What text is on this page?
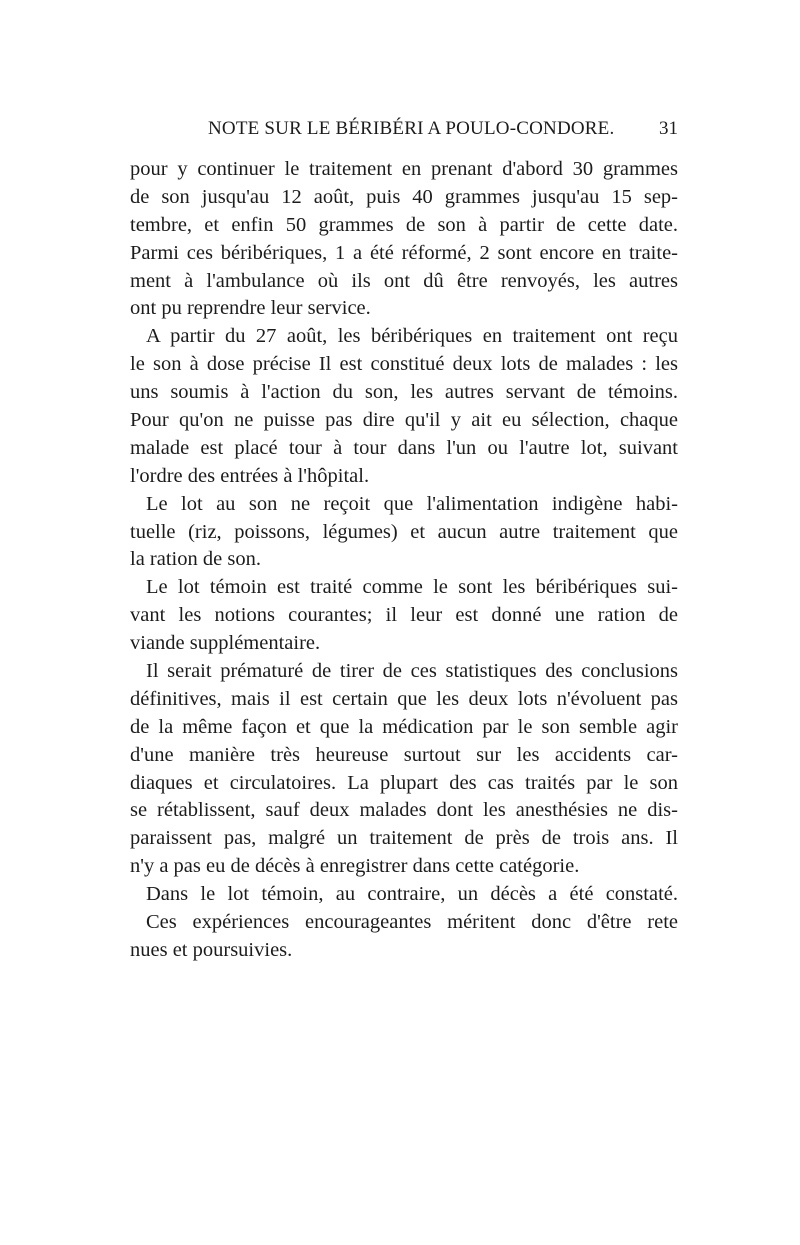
NOTE SUR LE BÉRIBÉRI A POULO-CONDORE. 31
pour y continuer le traitement en prenant d'abord 30 grammes
de son jusqu'au 12 août, puis 40 grammes jusqu'au 15 sep-
tembre, et enfin 50 grammes de son à partir de cette date.
Parmi ces béribériques, 1 a été réformé, 2 sont encore en traite-
ment à l'ambulance où ils ont dû être renvoyés, les autres
ont pu reprendre leur service.
A partir du 27 août, les béribériques en traitement ont reçu
le son à dose précise Il est constitué deux lots de malades : les
uns soumis à l'action du son, les autres servant de témoins.
Pour qu'on ne puisse pas dire qu'il y ait eu sélection, chaque
malade est placé tour à tour dans l'un ou l'autre lot, suivant
l'ordre des entrées à l'hôpital.
Le lot au son ne reçoit que l'alimentation indigène habi-
tuelle (riz, poissons, légumes) et aucun autre traitement que
la ration de son.
Le lot témoin est traité comme le sont les béribériques sui-
vant les notions courantes; il leur est donné une ration de
viande supplémentaire.
Il serait prématuré de tirer de ces statistiques des conclusions
définitives, mais il est certain que les deux lots n'évoluent pas
de la même façon et que la médication par le son semble agir
d'une manière très heureuse surtout sur les accidents car-
diaques et circulatoires. La plupart des cas traités par le son
se rétablissent, sauf deux malades dont les anesthésies ne dis-
paraissent pas, malgré un traitement de près de trois ans. Il
n'y a pas eu de décès à enregistrer dans cette catégorie.
Dans le lot témoin, au contraire, un décès a été constaté.
Ces expériences encourageantes méritent donc d'être rete
nues et poursuivies.
